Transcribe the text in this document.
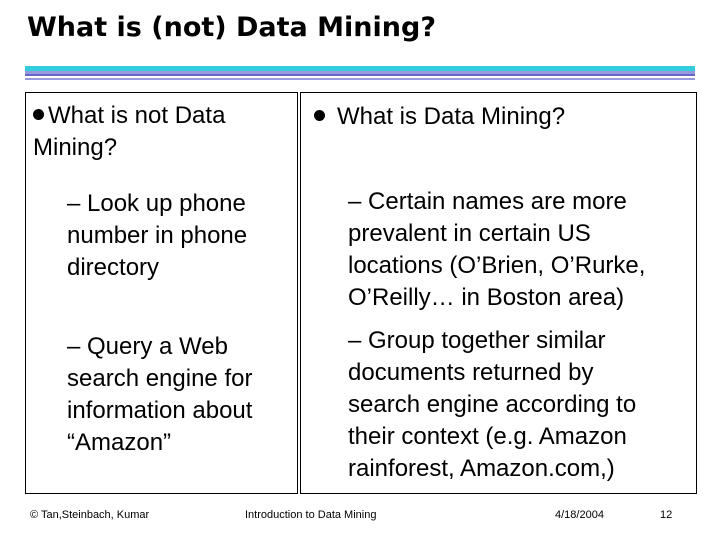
What is (not) Data Mining?
What is not Data
Mining?
– Look up phone
number in phone
directory
– Query a Web
search engine for
information about
“Amazon”
What is Data Mining?
– Certain names are more
prevalent in certain US
locations (O’Brien, O’Rurke,
O’Reilly… in Boston area)
– Group together similar
documents returned by
search engine according to
their context (e.g. Amazon
rainforest, Amazon.com,)
© Tan,Steinbach, Kumar	Introduction to Data Mining	4/18/2004	12
